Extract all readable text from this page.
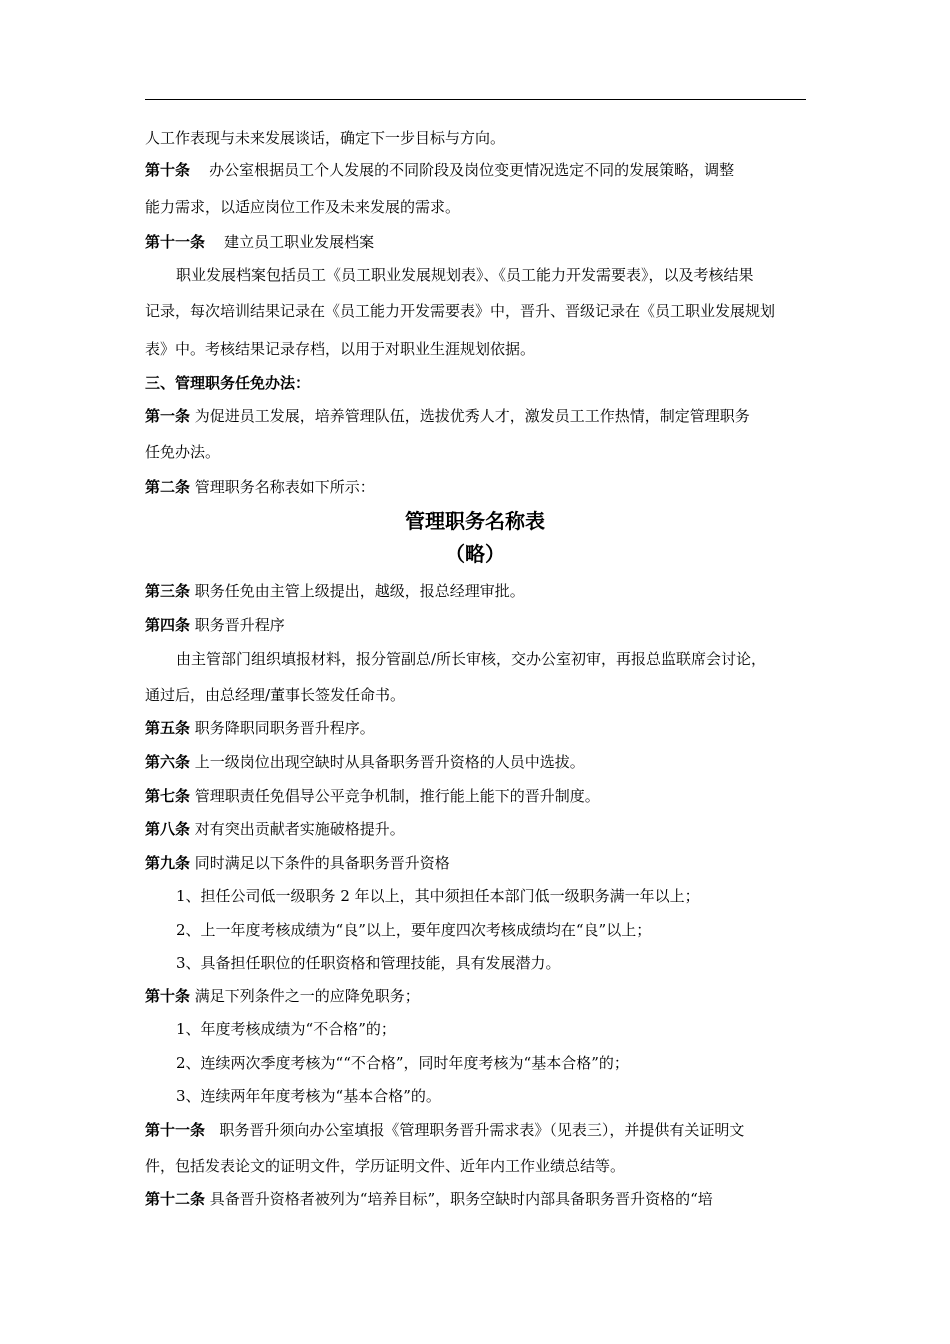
人工作表现与未来发展谈话，确定下一步目标与方向。
第十条 办公室根据员工个人发展的不同阶段及岗位变更情况选定不同的发展策略，调整
能力需求，以适应岗位工作及未来发展的需求。
第十一条 建立员工职业发展档案
职业发展档案包括员工《员工职业发展规划表》、《员工能力开发需要表》，以及考核结果
记录，每次培训结果记录在《员工能力开发需要表》中，晋升、晋级记录在《员工职业发展规划
表》中。考核结果记录存档，以用于对职业生涯规划依据。
三、管理职务任免办法：
第一条 为促进员工发展，培养管理队伍，选拔优秀人才，激发员工工作热情，制定管理职务
任免办法。
第二条 管理职务名称表如下所示：
管理职务名称表
（略）
第三条 职务任免由主管上级提出，越级，报总经理审批。
第四条 职务晋升程序
由主管部门组织填报材料，报分管副总/所长审核，交办公室初审，再报总监联席会讨论，
通过后，由总经理/董事长签发任命书。
第五条 职务降职同职务晋升程序。
第六条 上一级岗位出现空缺时从具备职务晋升资格的人员中选拔。
第七条 管理职责任免倡导公平竞争机制，推行能上能下的晋升制度。
第八条 对有突出贡献者实施破格提升。
第九条 同时满足以下条件的具备职务晋升资格
1、担任公司低一级职务 2 年以上，其中须担任本部门低一级职务满一年以上；
2、上一年度考核成绩为“良”以上，要年度四次考核成绩均在“良”以上；
3、具备担任职位的任职资格和管理技能，具有发展潜力。
第十条 满足下列条件之一的应降免职务；
1、年度考核成绩为“不合格”的；
2、连续两次季度考核为““不合格”，同时年度考核为“基本合格”的；
3、连续两年年度考核为“基本合格”的。
第十一条 职务晋升须向办公室填报《管理职务晋升需求表》（见表三），并提供有关证明文
件，包括发表论文的证明文件，学历证明文件、近年内工作业绩总结等。
第十二条 具备晋升资格者被列为“培养目标”，职务空缺时内部具备职务晋升资格的“培
